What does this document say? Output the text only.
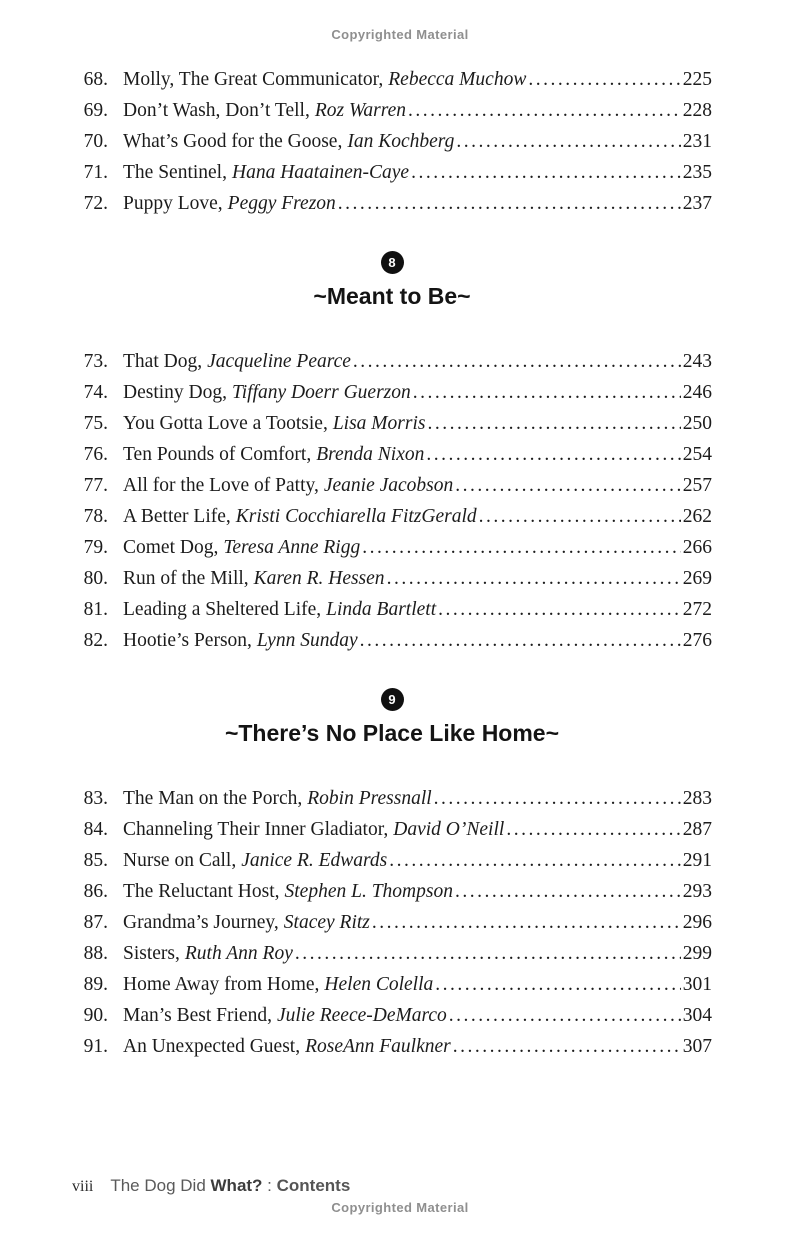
Copyrighted Material
68. Molly, The Great Communicator, Rebecca Muchow .....	225
69. Don’t Wash, Don’t Tell, Roz Warren .....	228
70. What’s Good for the Goose, Ian Kochberg .....	231
71. The Sentinel, Hana Haatainen-Caye .....	235
72. Puppy Love, Peggy Frezon .....	237
8
~Meant to Be~
73. That Dog, Jacqueline Pearce .....	243
74. Destiny Dog, Tiffany Doerr Guerzon .....	246
75. You Gotta Love a Tootsie, Lisa Morris .....	250
76. Ten Pounds of Comfort, Brenda Nixon .....	254
77. All for the Love of Patty, Jeanie Jacobson .....	257
78. A Better Life, Kristi Cocchiarella FitzGerald .....	262
79. Comet Dog, Teresa Anne Rigg .....	266
80. Run of the Mill, Karen R. Hessen .....	269
81. Leading a Sheltered Life, Linda Bartlett .....	272
82. Hootie’s Person, Lynn Sunday .....	276
9
~There’s No Place Like Home~
83. The Man on the Porch, Robin Pressnall .....	283
84. Channeling Their Inner Gladiator, David O’Neill .....	287
85. Nurse on Call, Janice R. Edwards .....	291
86. The Reluctant Host, Stephen L. Thompson .....	293
87. Grandma’s Journey, Stacey Ritz .....	296
88. Sisters, Ruth Ann Roy .....	299
89. Home Away from Home, Helen Colella .....	301
90. Man’s Best Friend, Julie Reece-DeMarco .....	304
91. An Unexpected Guest, RoseAnn Faulkner .....	307
viii The Dog Did What? : Contents
Copyrighted Material
